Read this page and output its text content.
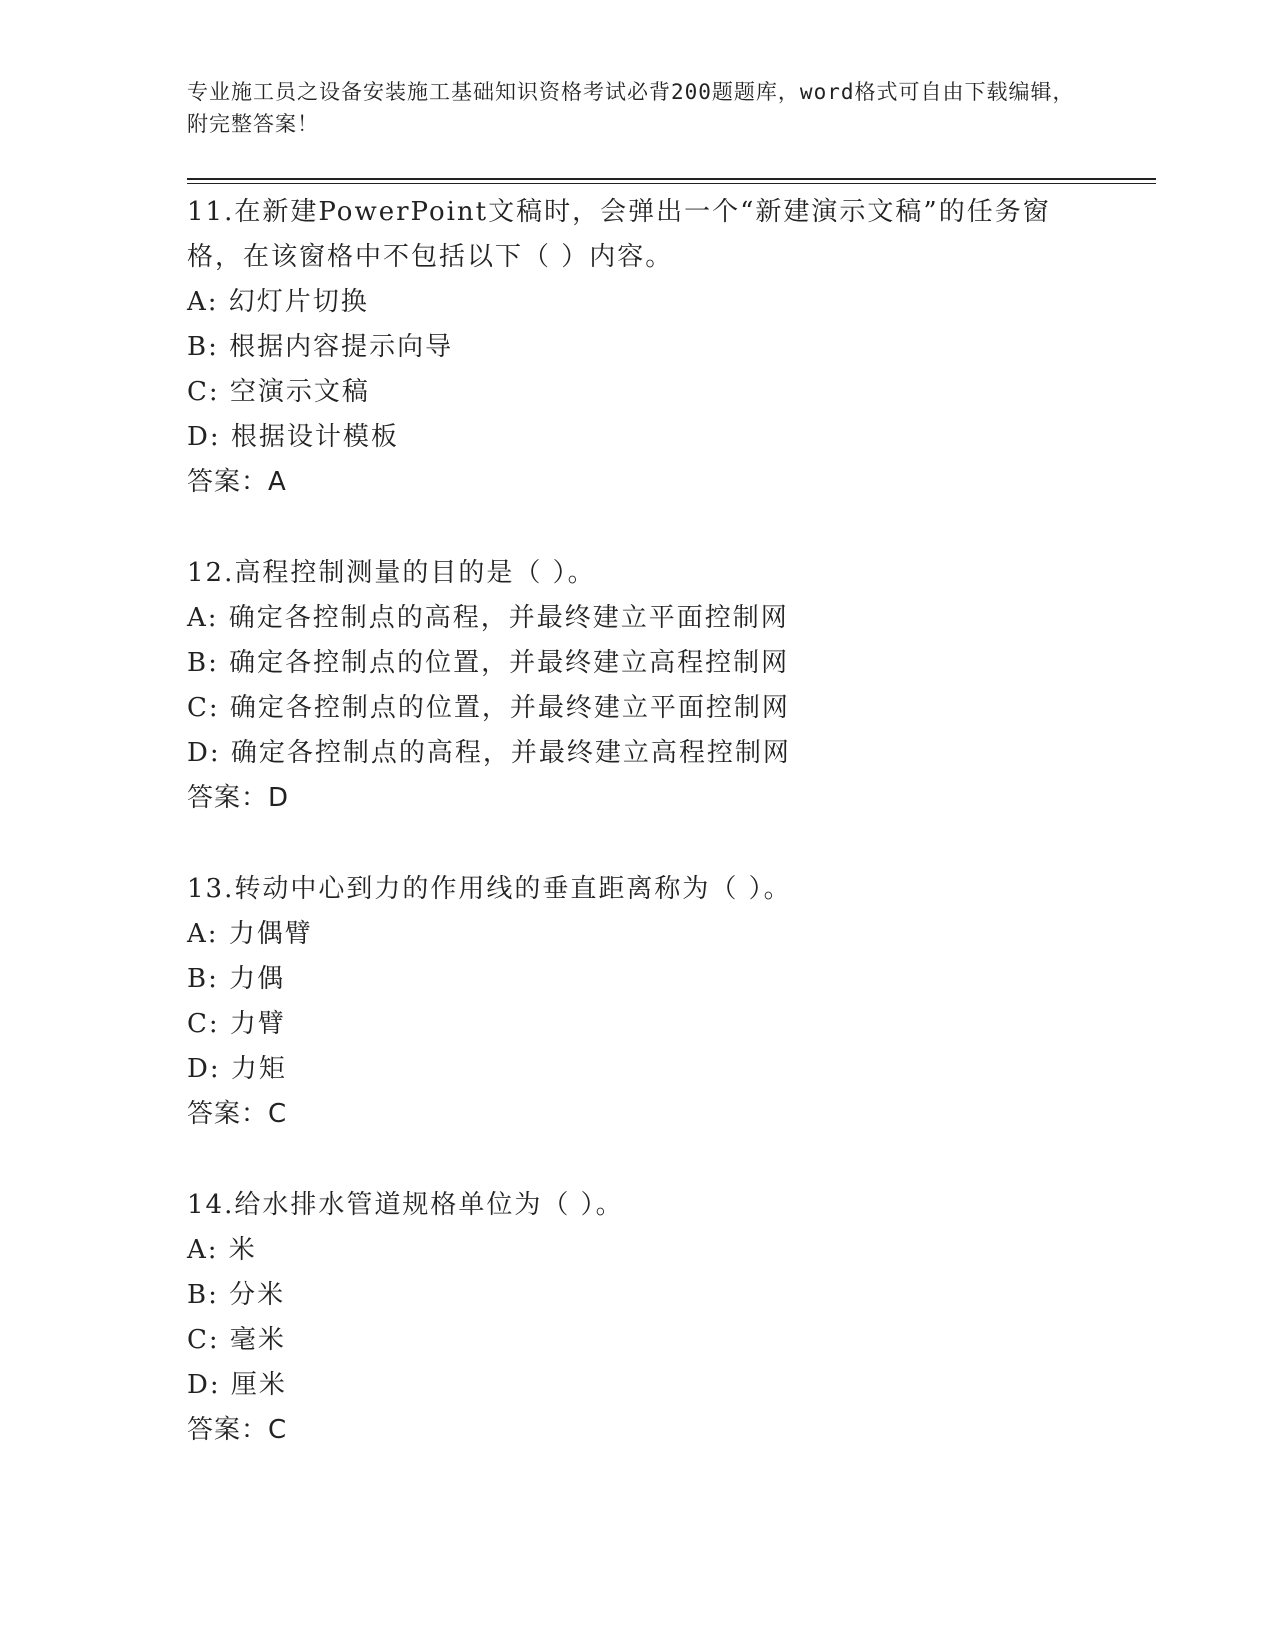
专业施工员之设备安装施工基础知识资格考试必背200题题库，word格式可自由下载编辑，附完整答案！
11.在新建PowerPoint文稿时，会弹出一个“新建演示文稿”的任务窗格，在该窗格中不包括以下（ ）内容。
A: 幻灯片切换
B: 根据内容提示向导
C: 空演示文稿
D: 根据设计模板
答案：A
12.高程控制测量的目的是（ ）。
A: 确定各控制点的高程，并最终建立平面控制网
B: 确定各控制点的位置，并最终建立高程控制网
C: 确定各控制点的位置，并最终建立平面控制网
D: 确定各控制点的高程，并最终建立高程控制网
答案：D
13.转动中心到力的作用线的垂直距离称为（ ）。
A: 力偶臂
B: 力偶
C: 力臂
D: 力矩
答案：C
14.给水排水管道规格单位为（ ）。
A: 米
B: 分米
C: 毫米
D: 厘米
答案：C
